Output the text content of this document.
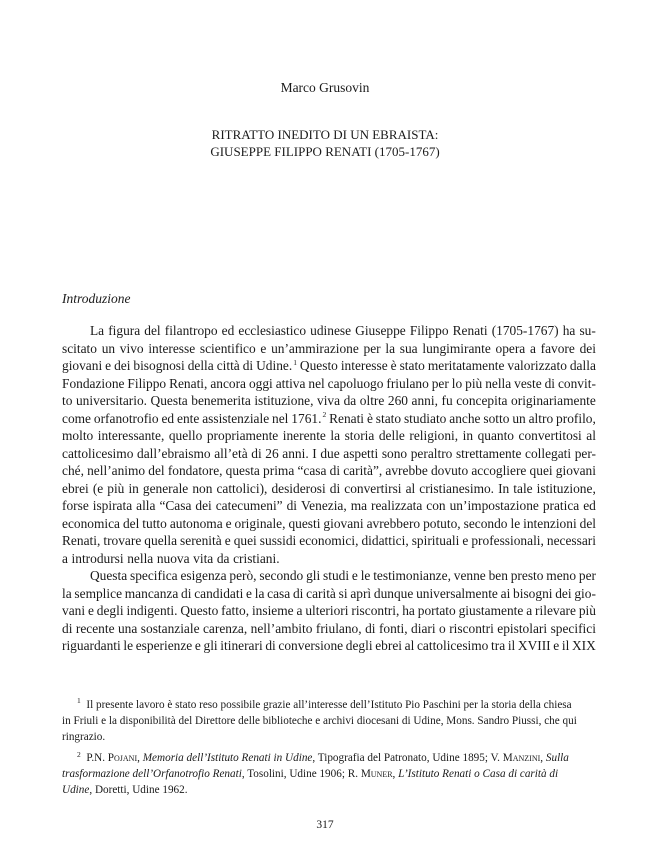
Marco Grusovin
RITRATTO INEDITO DI UN EBRAISTA:
GIUSEPPE FILIPPO RENATI (1705-1767)
Introduzione
La figura del filantropo ed ecclesiastico udinese Giuseppe Filippo Renati (1705-1767) ha su-
scitato un vivo interesse scientifico e un’ammirazione per la sua lungimirante opera a favore dei
giovani e dei bisognosi della città di Udine.$^1$ Questo interesse è stato meritatamente valorizzato dalla
Fondazione Filippo Renati, ancora oggi attiva nel capoluogo friulano per lo più nella veste di convit-
to universitario. Questa benemerita istituzione, viva da oltre 260 anni, fu concepita originariamente
come orfanotrofio ed ente assistenziale nel 1761.$^2$ Renati è stato studiato anche sotto un altro profilo,
molto interessante, quello propriamente inerente la storia delle religioni, in quanto convertitosi al
cattolicesimo dall’ebraismo all’età di 26 anni. I due aspetti sono peraltro strettamente collegati per-
ché, nell’animo del fondatore, questa prima “casa di carità”, avrebbe dovuto accogliere quei giovani
ebrei (e più in generale non cattolici), desiderosi di convertirsi al cristianesimo. In tale istituzione,
forse ispirata alla “Casa dei catecumeni” di Venezia, ma realizzata con un’impostazione pratica ed
economica del tutto autonoma e originale, questi giovani avrebbero potuto, secondo le intenzioni del
Renati, trovare quella serenità e quei sussidi economici, didattici, spirituali e professionali, necessari
a introdursi nella nuova vita da cristiani.
Questa specifica esigenza però, secondo gli studi e le testimonianze, venne ben presto meno per
la semplice mancanza di candidati e la casa di carità si aprì dunque universalmente ai bisogni dei gio-
vani e degli indigenti. Questo fatto, insieme a ulteriori riscontri, ha portato giustamente a rilevare più
di recente una sostanziale carenza, nell’ambito friulano, di fonti, diari o riscontri epistolari specifici
riguardanti le esperienze e gli itinerari di conversione degli ebrei al cattolicesimo tra il XVIII e il XIX
$^1$ Il presente lavoro è stato reso possibile grazie all’interesse dell’Istituto Pio Paschini per la storia della chiesa
in Friuli e la disponibilità del Direttore delle biblioteche e archivi diocesani di Udine, Mons. Sandro Piussi, che qui
ringrazio.
$^2$ P.N. Pojani, Memoria dell’Istituto Renati in Udine, Tipografia del Patronato, Udine 1895; V. Manzini, Sulla
trasformazione dell’Orfanotrofio Renati, Tosolini, Udine 1906; R. Muner, L’Istituto Renati o Casa di carità di
Udine, Doretti, Udine 1962.
317
